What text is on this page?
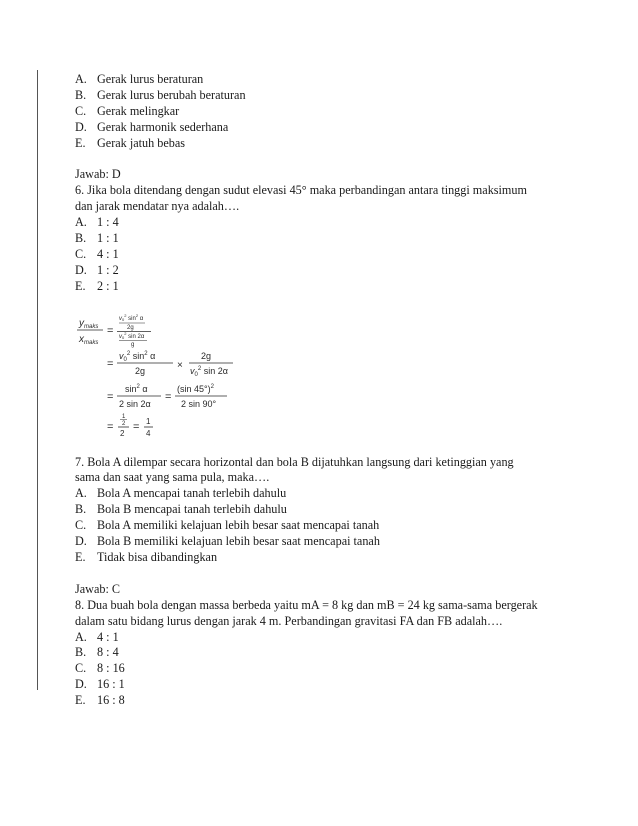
A. Gerak lurus beraturan
B. Gerak lurus berubah beraturan
C. Gerak melingkar
D. Gerak harmonik sederhana
E. Gerak jatuh bebas
Jawab: D
6. Jika bola ditendang dengan sudut elevasi 45° maka perbandingan antara tinggi maksimum
dan jarak mendatar nya adalah….
A. 1 : 4
B. 1 : 1
C. 4 : 1
D. 1 : 2
E. 2 : 1
$y_{maks}$
$x_{maks}$
=
$v0^2$ $\sin^2 \alpha$
2g
$v0^2$ sin 2α
g
=
$v_0^2$ $\sin^2 \alpha$
2g	×
2g
$v_0^2$ sin 2α
=
$\sin^2 \alpha$
2 sin 2α
=
(sin 45°)$^2$
2 sin 90°
=
1
2
2
= 1
4
7. Bola A dilempar secara horizontal dan bola B dijatuhkan langsung dari ketinggian yang
sama dan saat yang sama pula, maka….
A. Bola A mencapai tanah terlebih dahulu
B. Bola B mencapai tanah terlebih dahulu
C. Bola A memiliki kelajuan lebih besar saat mencapai tanah
D. Bola B memiliki kelajuan lebih besar saat mencapai tanah
E. Tidak bisa dibandingkan
Jawab: C
8. Dua buah bola dengan massa berbeda yaitu mA = 8 kg dan mB = 24 kg sama-sama bergerak
dalam satu bidang lurus dengan jarak 4 m. Perbandingan gravitasi FA dan FB adalah….
A. 4 : 1
B. 8 : 4
C. 8 : 16
D. 16 : 1
E. 16 : 8
